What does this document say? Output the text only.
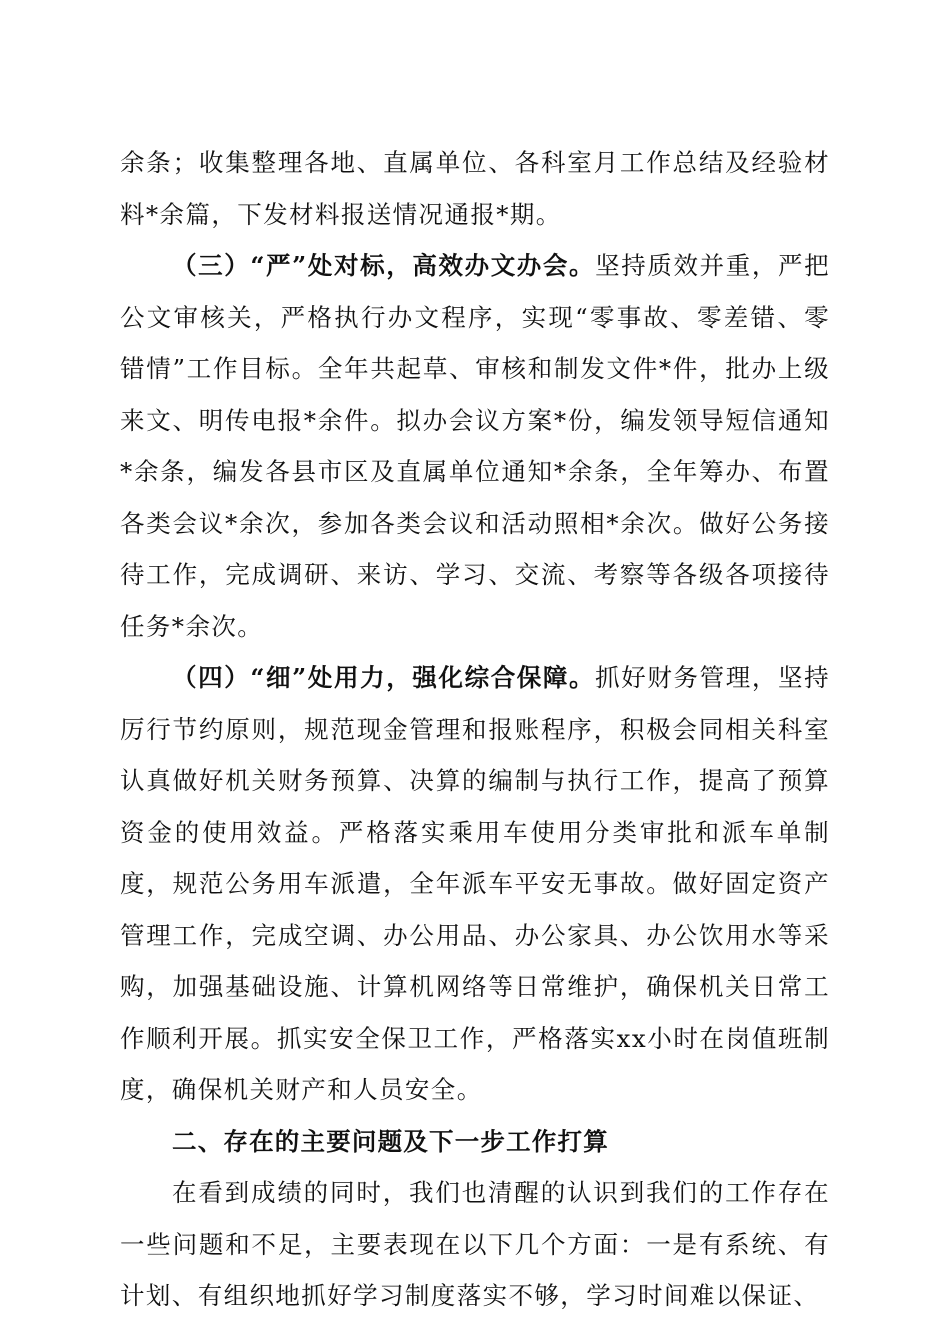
余条；收集整理各地、直属单位、各科室月工作总结及经验材料*余篇，下发材料报送情况通报*期。

（三）“严”处对标，高效办文办会。坚持质效并重，严把公文审核关，严格执行办文程序，实现“零事故、零差错、零错情”工作目标。全年共起草、审核和制发文件*件，批办上级来文、明传电报*余件。拟办会议方案*份，编发领导短信通知*余条，编发各县市区及直属单位通知*余条，全年筹办、布置各类会议*余次，参加各类会议和活动照相*余次。做好公务接待工作，完成调研、来访、学习、交流、考察等各级各项接待任务*余次。

（四）“细”处用力，强化综合保障。抓好财务管理，坚持厉行节约原则，规范现金管理和报账程序，积极会同相关科室认真做好机关财务预算、决算的编制与执行工作，提高了预算资金的使用效益。严格落实乘用车使用分类审批和派车单制度，规范公务用车派遣，全年派车平安无事故。做好固定资产管理工作，完成空调、办公用品、办公家具、办公饮用水等采购，加强基础设施、计算机网络等日常维护，确保机关日常工作顺利开展。抓实安全保卫工作，严格落实xx小时在岗值班制度，确保机关财产和人员安全。

二、存在的主要问题及下一步工作打算

在看到成绩的同时，我们也清醒的认识到我们的工作存在一些问题和不足，主要表现在以下几个方面：一是有系统、有计划、有组织地抓好学习制度落实不够，学习时间难以保证、
